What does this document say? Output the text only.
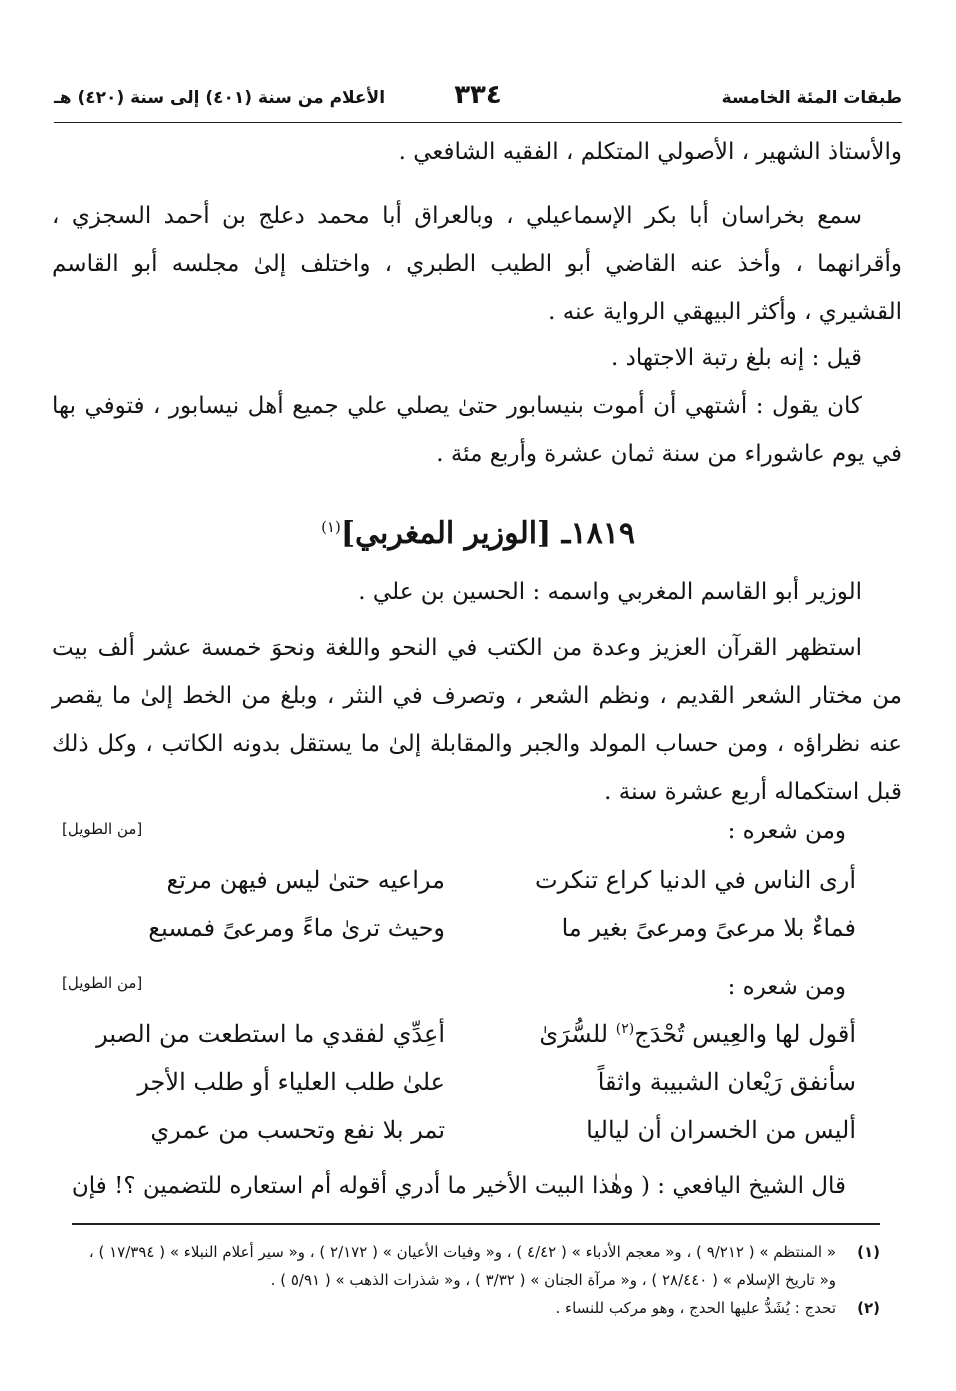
طبقات المئة الخامسة
٣٣٤
الأعلام من سنة (٤٠١) إلى سنة (٤٢٠) هـ
والأستاذ الشهير ، الأصولي المتكلم ، الفقيه الشافعي .
سمع بخراسان أبا بكر الإسماعيلي ، وبالعراق أبا محمد دعلج بن أحمد السجزي ، وأقرانهما ، وأخذ عنه القاضي أبو الطيب الطبري ، واختلف إلىٰ مجلسه أبو القاسم القشيري ، وأكثر البيهقي الرواية عنه .
قيل : إنه بلغ رتبة الاجتهاد .
كان يقول : أشتهي أن أموت بنيسابور حتىٰ يصلي علي جميع أهل نيسابور ، فتوفي بها في يوم عاشوراء من سنة ثمان عشرة وأربع مئة .
١٨١٩ـ [الوزير المغربي]$^{(١)}$
الوزير أبو القاسم المغربي واسمه : الحسين بن علي .
استظهر القرآن العزيز وعدة من الكتب في النحو واللغة ونحوَ خمسة عشر ألف بيت من مختار الشعر القديم ، ونظم الشعر ، وتصرف في النثر ، وبلغ من الخط إلىٰ ما يقصر عنه نظراؤه ، ومن حساب المولد والجبر والمقابلة إلىٰ ما يستقل بدونه الكاتب ، وكل ذلك قبل استكماله أربع عشرة سنة .
ومن شعره :
[من الطويل]
أرى الناس في الدنيا كراع تنكرت
مراعيه حتىٰ ليس فيهن مرتع
فماءٌ بلا مرعىً ومرعىً بغير ما
وحيث ترىٰ ماءً ومرعىً فمسبع
ومن شعره :
[من الطويل]
أقول لها والعِيس تُحْدَج$^{(٢)}$ للسُّرَىٰ
أعِدِّي لفقدي ما استطعت من الصبر
سأنفق رَيْعان الشبيبة واثقاً
علىٰ طلب العلياء أو طلب الأجر
أليس من الخسران أن لياليا
تمر بلا نفع وتحسب من عمري
قال الشيخ اليافعي : ( وهٰذا البيت الأخير ما أدري أقوله أم استعاره للتضمين ؟! فإن
(١)
« المنتظم » ( ٩/٢١٢ ) ، و« معجم الأدباء » ( ٤/٤٢ ) ، و« وفيات الأعيان » ( ٢/١٧٢ ) ، و« سير أعلام النبلاء » ( ١٧/٣٩٤ ) ، و« تاريخ الإسلام » ( ٢٨/٤٤٠ ) ، و« مرآة الجنان » ( ٣/٣٢ ) ، و« شذرات الذهب » ( ٥/٩١ ) .
(٢)
تحدج : يُشَدُّ عليها الحدج ، وهو مركب للنساء .
